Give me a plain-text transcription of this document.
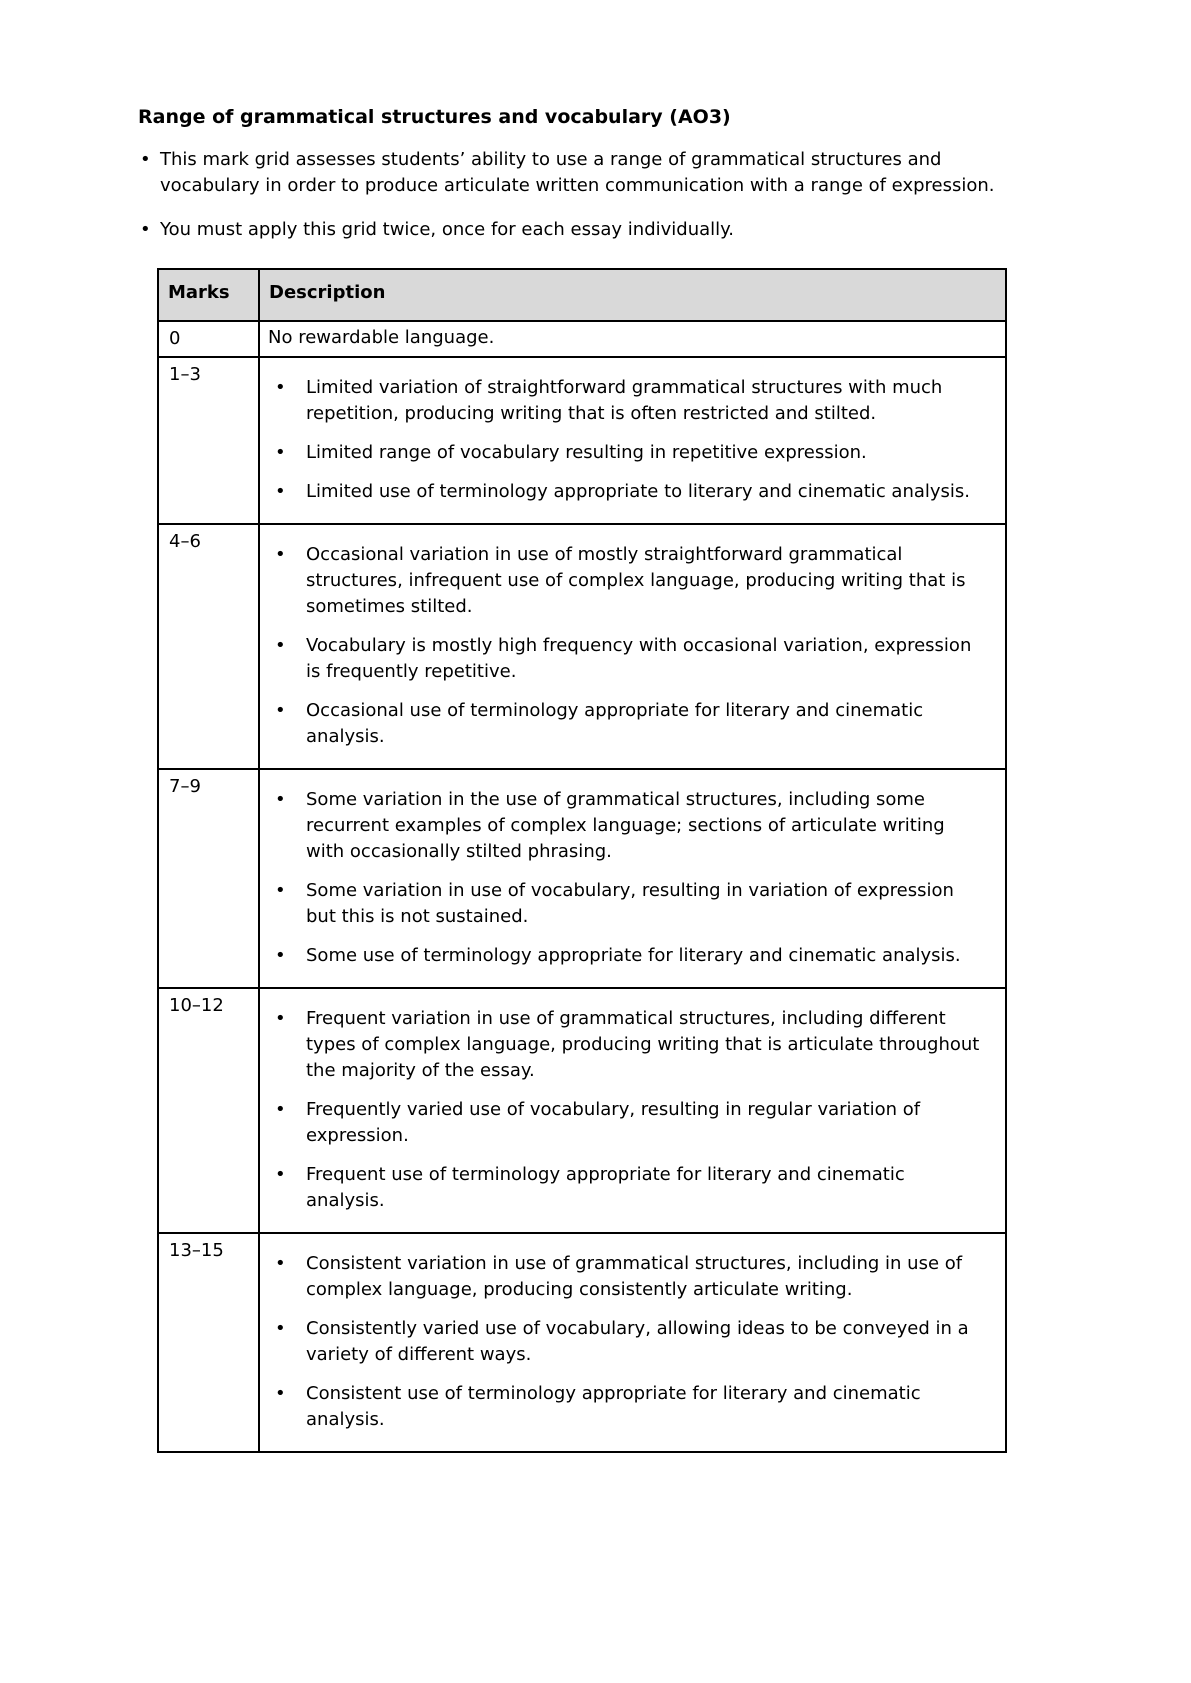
Range of grammatical structures and vocabulary (AO3)
• This mark grid assesses students’ ability to use a range of grammatical structures and vocabulary in order to produce articulate written communication with a range of expression.
• You must apply this grid twice, once for each essay individually.
Marks	Description
0	No rewardable language.

1–3	
• Limited variation of straightforward grammatical structures with much repetition, producing writing that is often restricted and stilted.
• Limited range of vocabulary resulting in repetitive expression.
• Limited use of terminology appropriate to literary and cinematic analysis.

4–6	
• Occasional variation in use of mostly straightforward grammatical structures, infrequent use of complex language, producing writing that is sometimes stilted.
• Vocabulary is mostly high frequency with occasional variation, expression is frequently repetitive.
• Occasional use of terminology appropriate for literary and cinematic analysis.

7–9	
• Some variation in the use of grammatical structures, including some recurrent examples of complex language; sections of articulate writing with occasionally stilted phrasing.
• Some variation in use of vocabulary, resulting in variation of expression but this is not sustained.
• Some use of terminology appropriate for literary and cinematic analysis.

10–12	
• Frequent variation in use of grammatical structures, including different types of complex language, producing writing that is articulate throughout the majority of the essay.
• Frequently varied use of vocabulary, resulting in regular variation of expression.
• Frequent use of terminology appropriate for literary and cinematic analysis.

13–15	
• Consistent variation in use of grammatical structures, including in use of complex language, producing consistently articulate writing.
• Consistently varied use of vocabulary, allowing ideas to be conveyed in a variety of different ways.
• Consistent use of terminology appropriate for literary and cinematic analysis.
